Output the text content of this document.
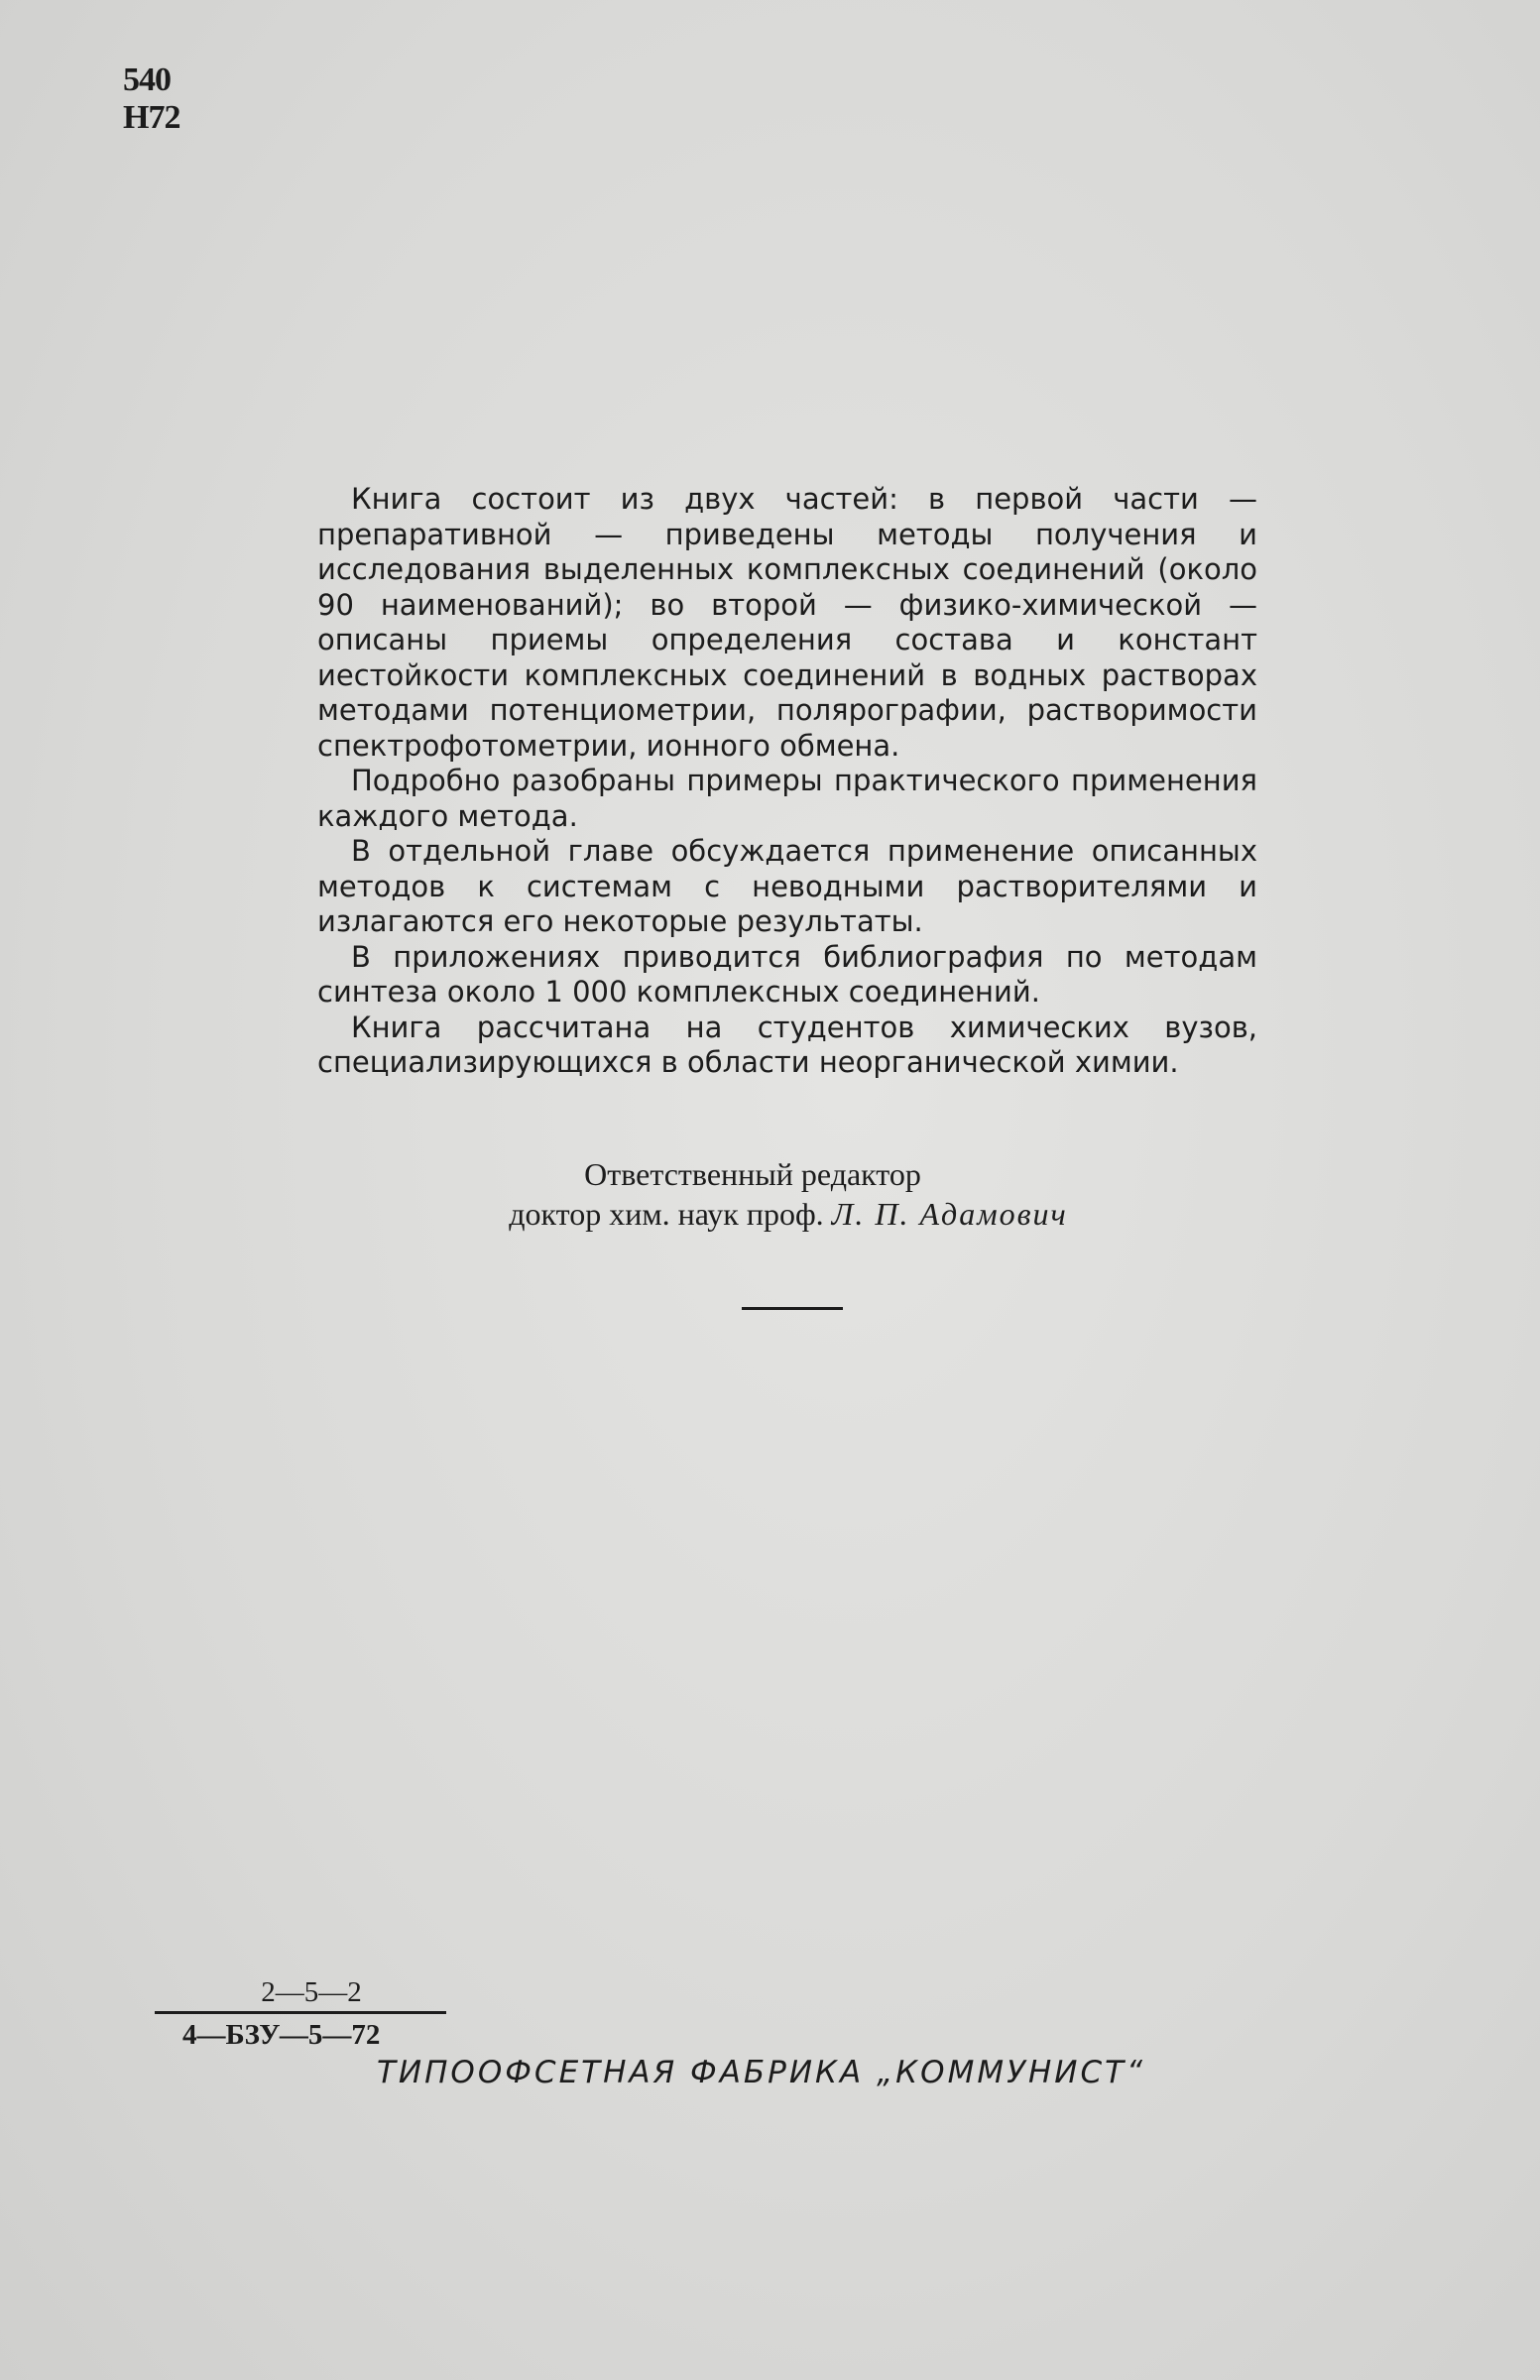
540
Н72

Книга состоит из двух частей: в первой части — препаративной — приведены методы получения и исследования выделенных комплексных соединений (около 90 наименований); во второй — физико-химической — описаны приемы определения состава и констант иестойкости комплексных соединений в водных растворах методами потенциометрии, полярографии, растворимости спектрофотометрии, ионного обмена.

Подробно разобраны примеры практического применения каждого метода.

В отдельной главе обсуждается применение описанных методов к системам с неводными растворителями и излагаются его некоторые результаты.

В приложениях приводится библиография по методам синтеза около 1 000 комплексных соединений.

Книга рассчитана на студентов химических вузов, специализирующихся в области неорганической химии.

Ответственный редактор
доктор хим. наук проф. Л. П. Адамович
2—5—2
4—БЗУ—5—72
ТИПООФСЕТНАЯ ФАБРИКА „КОММУНИСТ“
